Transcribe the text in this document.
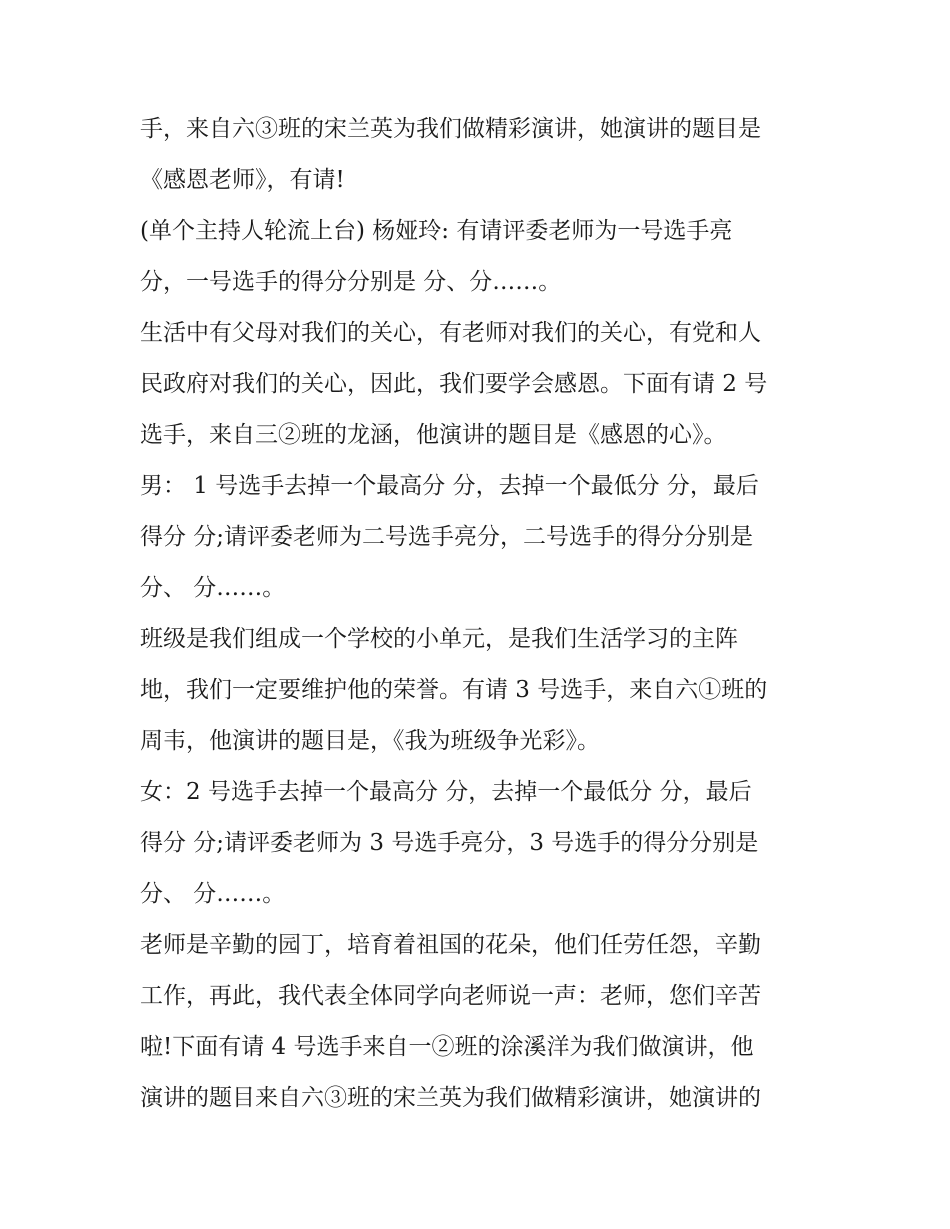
手，来自六③班的宋兰英为我们做精彩演讲，她演讲的题目是
《感恩老师》，有请!
(单个主持人轮流上台) 杨娅玲: 有请评委老师为一号选手亮
分，一号选手的得分分别是 分、分……。
生活中有父母对我们的关心，有老师对我们的关心，有党和人
民政府对我们的关心，因此，我们要学会感恩。下面有请 2 号
选手，来自三②班的龙涵，他演讲的题目是《感恩的心》。
男： 1 号选手去掉一个最高分 分，去掉一个最低分 分，最后
得分 分;请评委老师为二号选手亮分，二号选手的得分分别是
分、 分……。
班级是我们组成一个学校的小单元，是我们生活学习的主阵
地，我们一定要维护他的荣誉。有请 3 号选手，来自六①班的
周韦，他演讲的题目是，《我为班级争光彩》。
女：2 号选手去掉一个最高分 分，去掉一个最低分 分，最后
得分 分;请评委老师为 3 号选手亮分，3 号选手的得分分别是
分、 分……。
老师是辛勤的园丁，培育着祖国的花朵，他们任劳任怨，辛勤
工作，再此，我代表全体同学向老师说一声：老师，您们辛苦
啦!下面有请 4 号选手来自一②班的涂溪洋为我们做演讲，他
演讲的题目来自六③班的宋兰英为我们做精彩演讲，她演讲的
